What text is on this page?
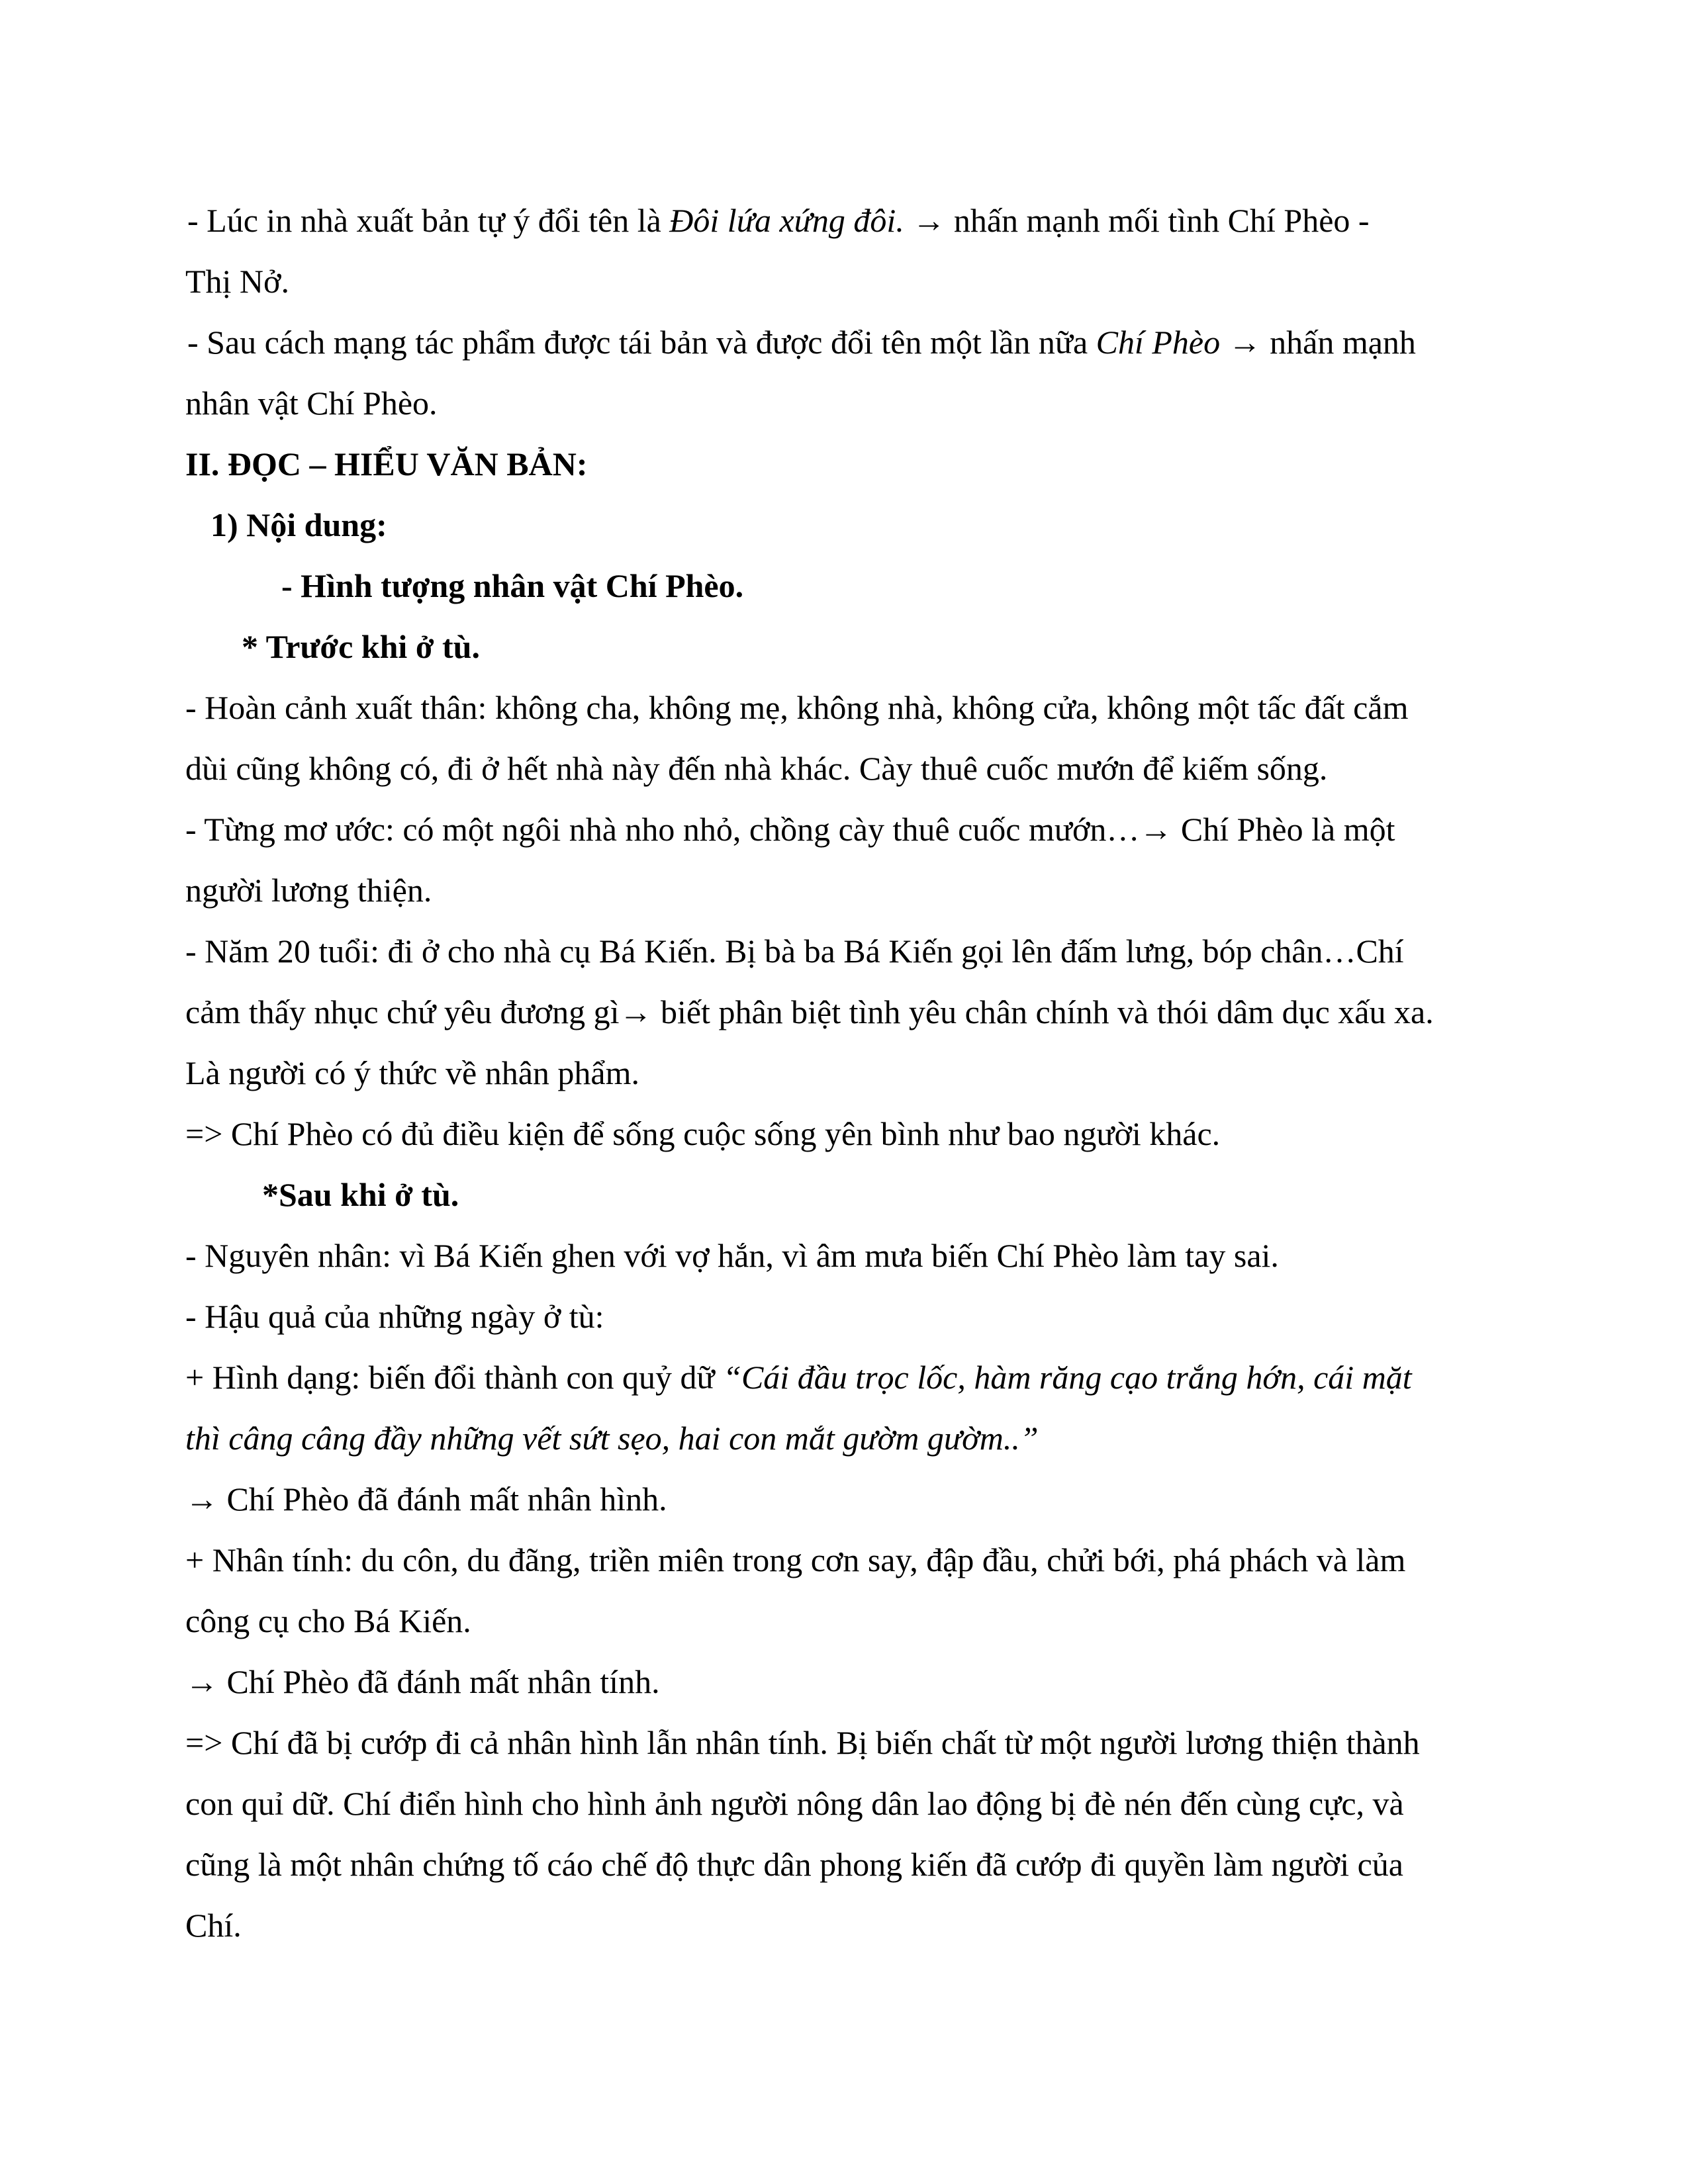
- Lúc in nhà xuất bản tự ý đổi tên là Đôi lứa xứng đôi. → nhấn mạnh mối tình Chí Phèo -
Thị Nở.
- Sau cách mạng tác phẩm được tái bản và được đổi tên một lần nữa Chí Phèo → nhấn mạnh
nhân vật Chí Phèo.
II. ĐỌC – HIỂU VĂN BẢN:
1) Nội dung:
- Hình tượng nhân vật Chí Phèo.
* Trước khi ở tù.
- Hoàn cảnh xuất thân: không cha, không mẹ, không nhà, không cửa, không một tấc đất cắm
dùi cũng không có, đi ở hết nhà này đến nhà khác. Cày thuê cuốc mướn để kiếm sống.
- Từng mơ ước: có một ngôi nhà nho nhỏ, chồng cày thuê cuốc mướn…→ Chí Phèo là một
người lương thiện.
- Năm 20 tuổi: đi ở cho nhà cụ Bá Kiến. Bị bà ba Bá Kiến gọi lên đấm lưng, bóp chân…Chí
cảm thấy nhục chứ yêu đương gì→ biết phân biệt tình yêu chân chính và thói dâm dục xấu xa.
Là người có ý thức về nhân phẩm.
=> Chí Phèo có đủ điều kiện để sống cuộc sống yên bình như bao người khác.
*Sau khi ở tù.
- Nguyên nhân: vì Bá Kiến ghen với vợ hắn, vì âm mưa biến Chí Phèo làm tay sai.
- Hậu quả của những ngày ở tù:
+ Hình dạng: biến đổi thành con quỷ dữ “Cái đầu trọc lốc, hàm răng cạo trắng hớn, cái mặt
thì câng câng đầy những vết sứt sẹo, hai con mắt gườm gườm..”
→ Chí Phèo đã đánh mất nhân hình.
+ Nhân tính: du côn, du đãng, triền miên trong cơn say, đập đầu, chửi bới, phá phách và làm
công cụ cho Bá Kiến.
→ Chí Phèo đã đánh mất nhân tính.
=> Chí đã bị cướp đi cả nhân hình lẫn nhân tính. Bị biến chất từ một người lương thiện thành
con quỉ dữ. Chí điển hình cho hình ảnh người nông dân lao động bị đè nén đến cùng cực, và
cũng là một nhân chứng tố cáo chế độ thực dân phong kiến đã cướp đi quyền làm người của
Chí.
